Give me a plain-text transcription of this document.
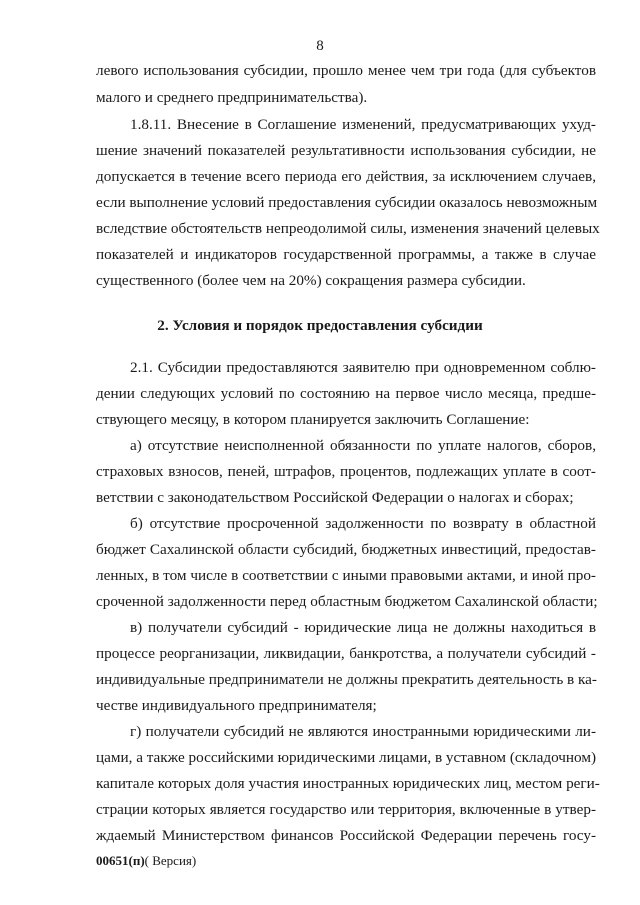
8
левого использования субсидии, прошло менее чем три года (для субъектов
малого и среднего предпринимательства).
1.8.11. Внесение в Соглашение изменений, предусматривающих ухуд-
шение значений показателей результативности использования субсидии, не
допускается в течение всего периода его действия, за исключением случаев,
если выполнение условий предоставления субсидии оказалось невозможным
вследствие обстоятельств непреодолимой силы, изменения значений целевых
показателей и индикаторов государственной программы, а также в случае
существенного (более чем на 20%) сокращения размера субсидии.
2. Условия и порядок предоставления субсидии
2.1. Субсидии предоставляются заявителю при одновременном соблю-
дении следующих условий по состоянию на первое число месяца, предше-
ствующего месяцу, в котором планируется заключить Соглашение:
а) отсутствие неисполненной обязанности по уплате налогов, сборов,
страховых взносов, пеней, штрафов, процентов, подлежащих уплате в соот-
ветствии с законодательством Российской Федерации о налогах и сборах;
б) отсутствие просроченной задолженности по возврату в областной
бюджет Сахалинской области субсидий, бюджетных инвестиций, предостав-
ленных, в том числе в соответствии с иными правовыми актами, и иной про-
сроченной задолженности перед областным бюджетом Сахалинской области;
в) получатели субсидий - юридические лица не должны находиться в
процессе реорганизации, ликвидации, банкротства, а получатели субсидий -
индивидуальные предприниматели не должны прекратить деятельность в ка-
честве индивидуального предпринимателя;
г) получатели субсидий не являются иностранными юридическими ли-
цами, а также российскими юридическими лицами, в уставном (складочном)
капитале которых доля участия иностранных юридических лиц, местом реги-
страции которых является государство или территория, включенные в утвер-
ждаемый Министерством финансов Российской Федерации перечень госу-
00651(п)( Версия)
